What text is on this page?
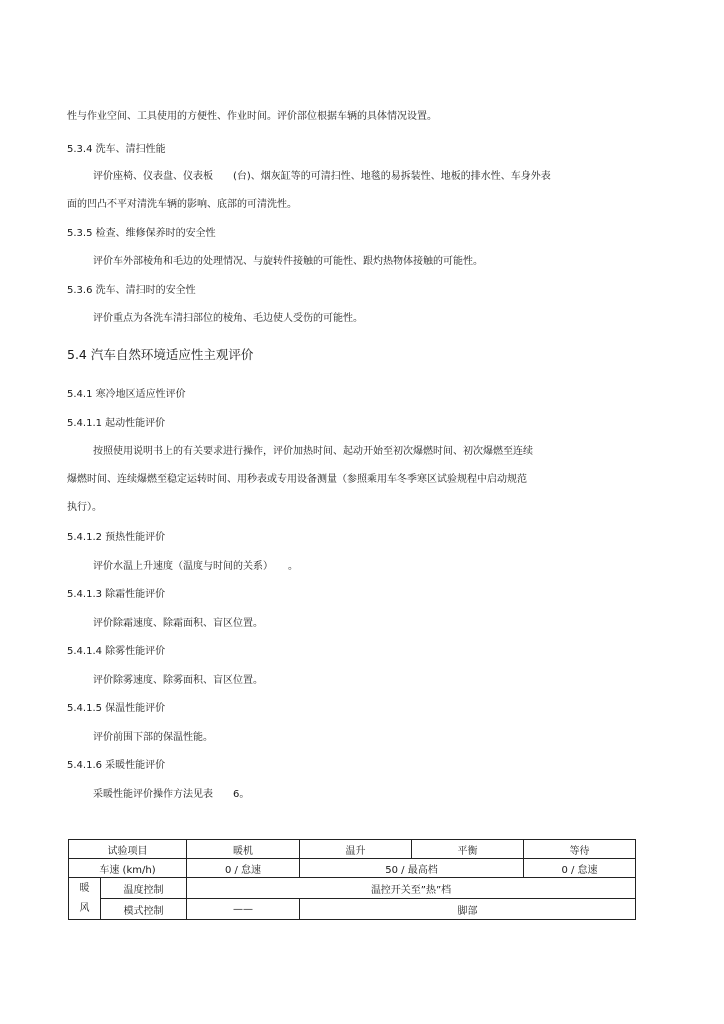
性与作业空间、工具使用的方便性、作业时间。评价部位根据车辆的具体情况设置。
5.3.4 洗车、清扫性能
评价座椅、仪表盘、仪表板　　(台)、烟灰缸等的可清扫性、地毯的易拆装性、地板的排水性、车身外表
面的凹凸不平对清洗车辆的影响、底部的可清洗性。
5.3.5 检查、维修保养时的安全性
评价车外部棱角和毛边的处理情况、与旋转件接触的可能性、跟灼热物体接触的可能性。
5.3.6 洗车、清扫时的安全性
评价重点为各洗车清扫部位的棱角、毛边使人受伤的可能性。
5.4 汽车自然环境适应性主观评价
5.4.1 寒冷地区适应性评价
5.4.1.1 起动性能评价
按照使用说明书上的有关要求进行操作，评价加热时间、起动开始至初次爆燃时间、初次爆燃至连续
爆燃时间、连续爆燃至稳定运转时间、用秒表或专用设备测量（参照乘用车冬季寒区试验规程中启动规范
执行）。
5.4.1.2 预热性能评价
评价水温上升速度（温度与时间的关系）　　。
5.4.1.3 除霜性能评价
评价除霜速度、除霜面积、盲区位置。
5.4.1.4 除雾性能评价
评价除雾速度、除雾面积、盲区位置。
5.4.1.5 保温性能评价
评价前围下部的保温性能。
5.4.1.6 采暖性能评价
采暖性能评价操作方法见表　　6。
试验项目		暖机	温升	平衡	等待
车速 (km/h)		0 / 怠速	50 / 最高档		0 / 怠速

暖
风	温度控制	温控开关至”热”档			
	模式控制	——	脚部		
